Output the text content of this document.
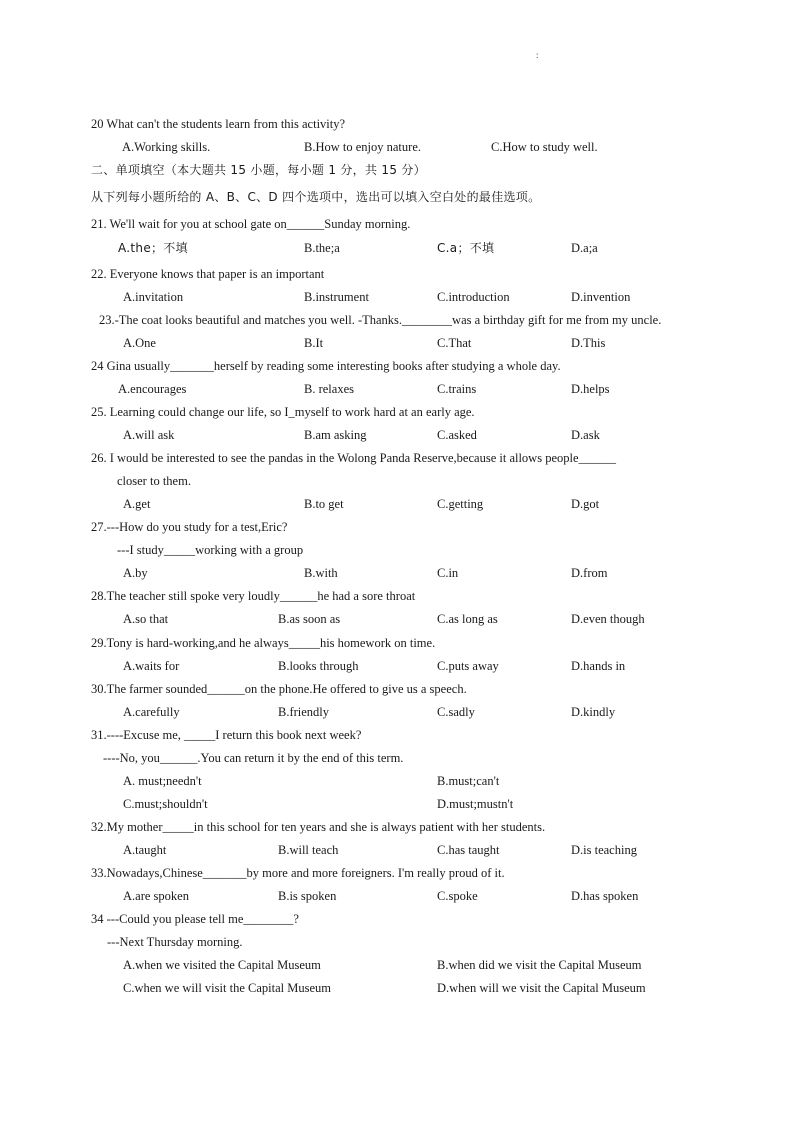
:
20 What can't the students learn from this activity?
A.Working skills.	B.How to enjoy nature.	C.How to study well.
二、单项填空（本大题共 15 小题，每小题 1 分，共 15 分）
从下列每小题所给的 A、B、C、D 四个选项中，选出可以填入空白处的最佳选项。
21. We'll wait for you at school gate on______Sunday morning.
A.the；不填	B.the;a	C.a；不填	D.a;a
22. Everyone knows that paper is an important
A.invitation	B.instrument	C.introduction	D.invention
23.-The coat looks beautiful and matches you well. -Thanks.________was a birthday gift for me from my uncle.
A.One	B.It	C.That	D.This
24 Gina usually_______herself by reading some interesting books after studying a whole day.
A.encourages	B. relaxes	C.trains	D.helps
25. Learning could change our life, so I_myself to work hard at an early age.
A.will ask	B.am asking	C.asked	D.ask
26. I would be interested to see the pandas in the Wolong Panda Reserve,because it allows people______
closer to them.
A.get	B.to get	C.getting	D.got
27.---How do you study for a test,Eric?
---I study_____working with a group
A.by	B.with	C.in	D.from
28.The teacher still spoke very loudly______he had a sore throat
A.so that	B.as soon as	C.as long as	D.even though
29.Tony is hard-working,and he always_____his homework on time.
A.waits for	B.looks through	C.puts away	D.hands in
30.The farmer sounded______on the phone.He offered to give us a speech.
A.carefully	B.friendly	C.sadly	D.kindly
31.----Excuse me, _____I return this book next week?
----No, you______.You can return it by the end of this term.
A. must;needn't	B.must;can't
C.must;shouldn't	D.must;mustn't
32.My mother_____in this school for ten years and she is always patient with her students.
A.taught	B.will teach	C.has taught	D.is teaching
33.Nowadays,Chinese_______by more and more foreigners. I'm really proud of it.
A.are spoken	B.is spoken	C.spoke	D.has spoken
34 ---Could you please tell me________?
---Next Thursday morning.
A.when we visited the Capital Museum	B.when did we visit the Capital Museum
C.when we will visit the Capital Museum	D.when will we visit the Capital Museum
